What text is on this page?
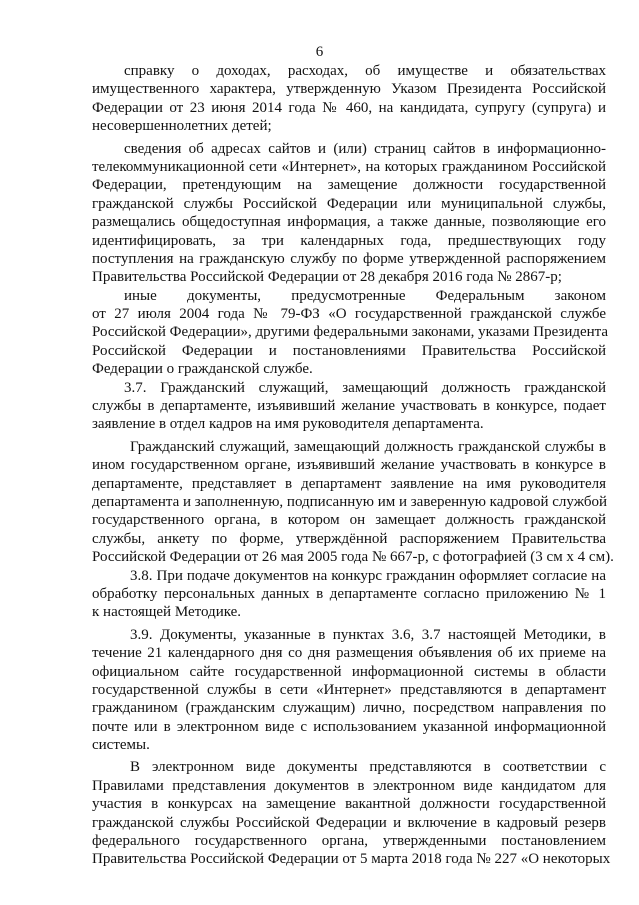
6
справку о доходах, расходах, об имуществе и обязательствах
имущественного характера, утвержденную Указом Президента Российской
Федерации от 23 июня 2014 года № 460, на кандидата, супругу (супруга) и
несовершеннолетних детей;
сведения об адресах сайтов и (или) страниц сайтов в информационно-
телекоммуникационной сети «Интернет», на которых гражданином Российской
Федерации, претендующим на замещение должности государственной
гражданской службы Российской Федерации или муниципальной службы,
размещались общедоступная информация, а также данные, позволяющие его
идентифицировать, за три календарных года, предшествующих году
поступления на гражданскую службу по форме утвержденной распоряжением
Правительства Российской Федерации от 28 декабря 2016 года № 2867-р;
иные документы, предусмотренные Федеральным законом
от 27 июля 2004 года № 79-ФЗ «О государственной гражданской службе
Российской Федерации», другими федеральными законами, указами Президента
Российской Федерации и постановлениями Правительства Российской
Федерации о гражданской службе.
3.7. Гражданский служащий, замещающий должность гражданской
службы в департаменте, изъявивший желание участвовать в конкурсе, подает
заявление в отдел кадров на имя руководителя департамента.
Гражданский служащий, замещающий должность гражданской службы в
ином государственном органе, изъявивший желание участвовать в конкурсе в
департаменте, представляет в департамент заявление на имя руководителя
департамента и заполненную, подписанную им и заверенную кадровой службой
государственного органа, в котором он замещает должность гражданской
службы, анкету по форме, утверждённой распоряжением Правительства
Российской Федерации от 26 мая 2005 года № 667-р, с фотографией (3 см х 4 см).
3.8. При подаче документов на конкурс гражданин оформляет согласие на
обработку персональных данных в департаменте согласно приложению № 1
к настоящей Методике.
3.9. Документы, указанные в пунктах 3.6, 3.7 настоящей Методики, в
течение 21 календарного дня со дня размещения объявления об их приеме на
официальном сайте государственной информационной системы в области
государственной службы в сети «Интернет» представляются в департамент
гражданином (гражданским служащим) лично, посредством направления по
почте или в электронном виде с использованием указанной информационной
системы.
В электронном виде документы представляются в соответствии с
Правилами представления документов в электронном виде кандидатом для
участия в конкурсах на замещение вакантной должности государственной
гражданской службы Российской Федерации и включение в кадровый резерв
федерального государственного органа, утвержденными постановлением
Правительства Российской Федерации от 5 марта 2018 года № 227 «О некоторых
